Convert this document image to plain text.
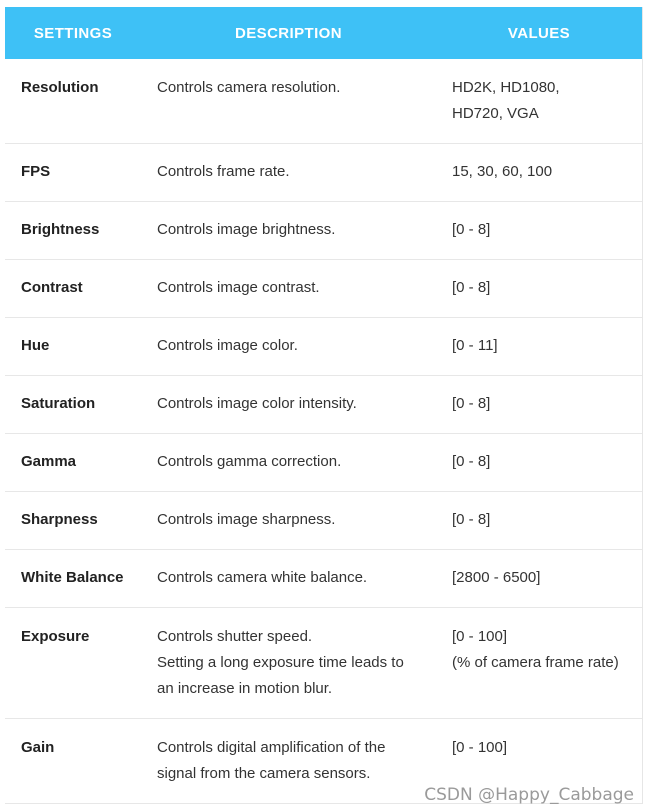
SETTINGS	DESCRIPTION	VALUES
Resolution	Controls camera resolution.	HD2K, HD1080,
HD720, VGA

FPS	Controls frame rate.	15, 30, 60, 100

Brightness	Controls image brightness.	[0 - 8]

Contrast	Controls image contrast.	[0 - 8]

Hue	Controls image color.	[0 - 11]

Saturation	Controls image color intensity.	[0 - 8]

Gamma	Controls gamma correction.	[0 - 8]

Sharpness	Controls image sharpness.	[0 - 8]

White Balance	Controls camera white balance.	[2800 - 6500]

Exposure	Controls shutter speed.
Setting a long exposure time leads to
an increase in motion blur.	[0 - 100]
(% of camera frame rate)

Gain	Controls digital amplification of the
signal from the camera sensors.	[0 - 100]
CSDN @Happy_Cabbage
